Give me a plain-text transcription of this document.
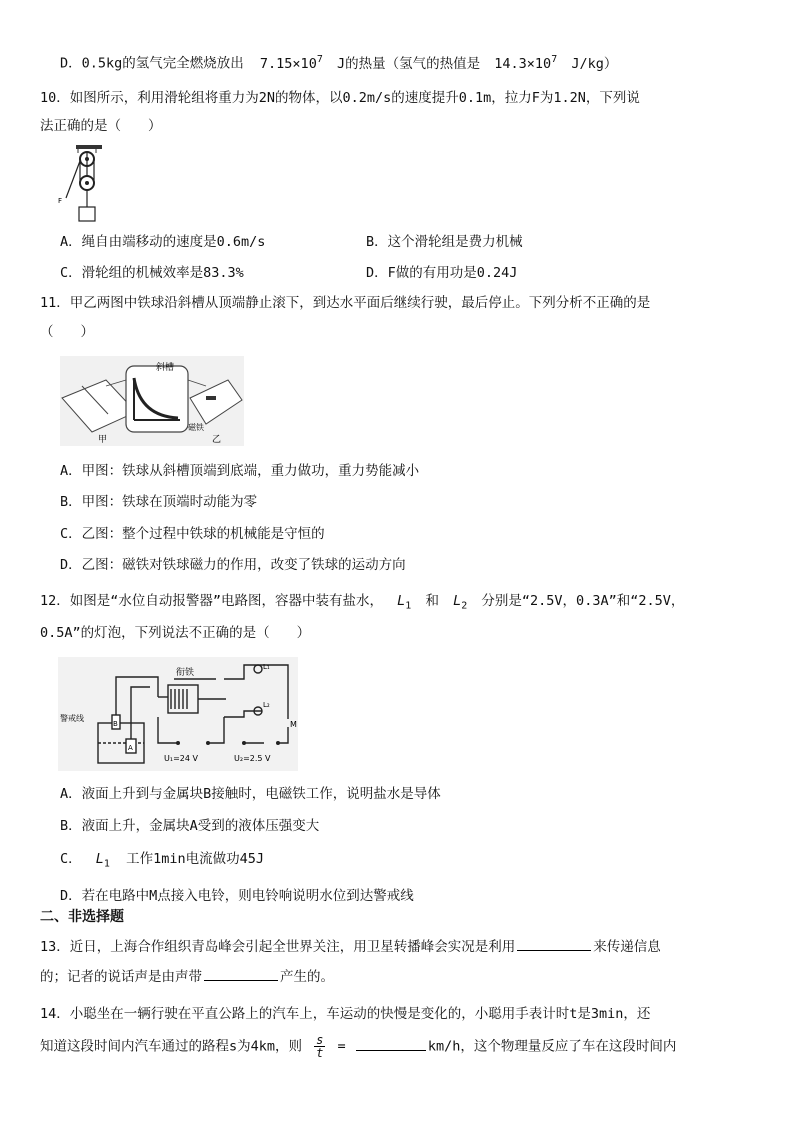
D．0.5kg的氢气完全燃烧放出 $7.15\times 10^7$ J的热量（氢气的热值是 $14.3\times 10^7$ J/kg）
10．如图所示，利用滑轮组将重力为2N的物体，以0.2m/s的速度提升0.1m，拉力F为1.2N，下列说
法正确的是（　　）
F
A．绳自由端移动的速度是0.6m/s	B．这个滑轮组是费力机械
C．滑轮组的机械效率是83.3%	D．F做的有用功是0.24J
11．甲乙两图中铁球沿斜槽从顶端静止滚下，到达水平面后继续行驶，最后停止。下列分析不正确的是
（　　）
斜槽
磁铁
甲	乙
A．甲图：铁球从斜槽顶端到底端，重力做功，重力势能减小
B．甲图：铁球在顶端时动能为零
C．乙图：整个过程中铁球的机械能是守恒的
D．乙图：磁铁对铁球磁力的作用，改变了铁球的运动方向
12．如图是“水位自动报警器”电路图，容器中装有盐水， $L_1$ 和 $L_2$ 分别是“2.5V，0.3A”和“2.5V，
0.5A”的灯泡，下列说法不正确的是（　　）
衔铁
警戒线
B
A
L₁
L₂
M
U₁=24 V	U₂=2.5 V
A．液面上升到与金属块B接触时，电磁铁工作，说明盐水是导体
B．液面上升，金属块A受到的液体压强变大
C． $L_1$ 工作1min电流做功45J
D．若在电路中M点接入电铃，则电铃响说明水位到达警戒线
二、非选择题
13．近日，上海合作组织青岛峰会引起全世界关注，用卫星转播峰会实况是利用	来传递信息
的；记者的说话声是由声带	产生的。
14．小聪坐在一辆行驶在平直公路上的汽车上，车运动的快慢是变化的，小聪用手表计时t是3min，还
知道这段时间内汽车通过的路程s为4km，则 $\frac{s}{t}$ =	km/h，这个物理量反应了车在这段时间内
